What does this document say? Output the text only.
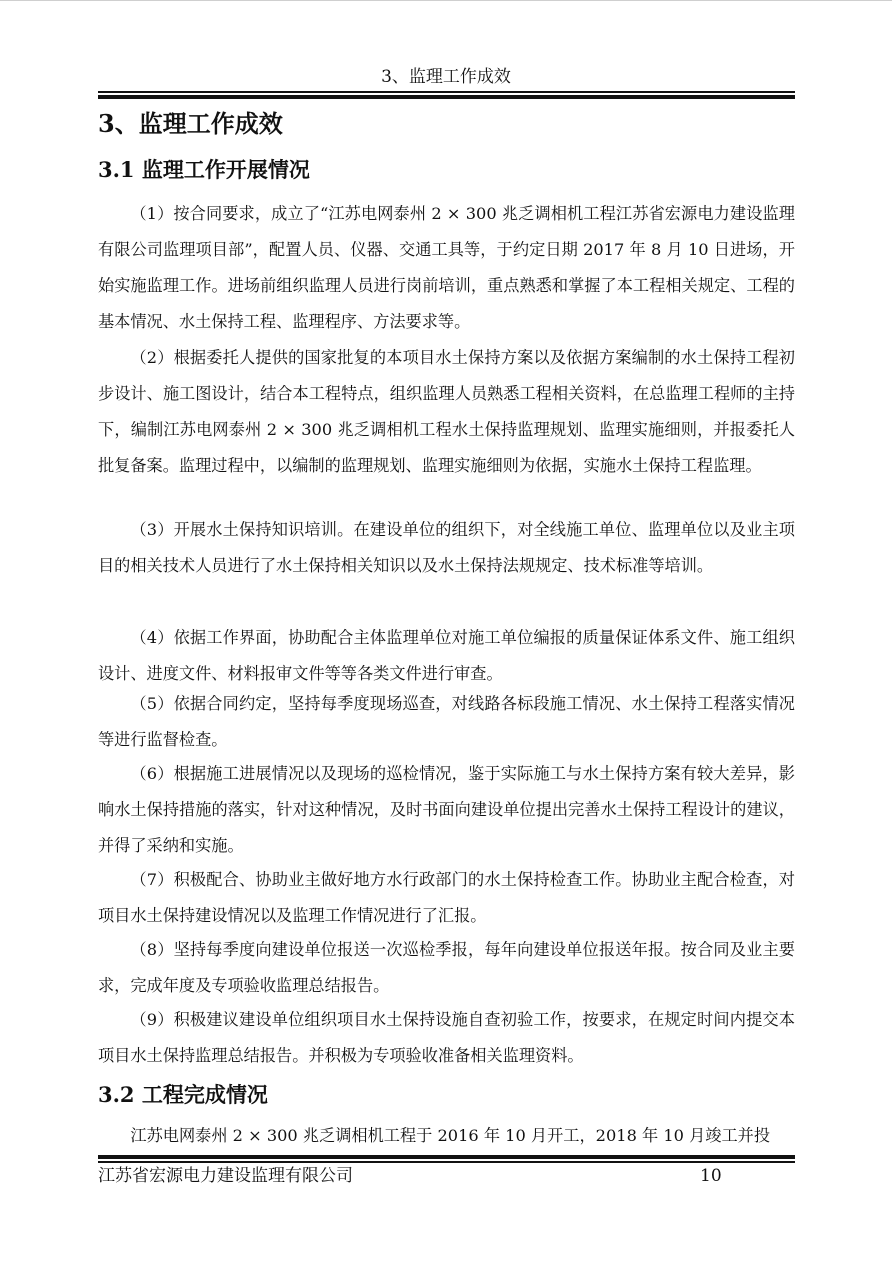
3、监理工作成效
3、监理工作成效
3.1 监理工作开展情况

（1）按合同要求，成立了“江苏电网泰州 2 × 300 兆乏调相机工程江苏省宏源电力建设监理有限公司监理项目部”，配置人员、仪器、交通工具等，于约定日期 2017 年 8 月 10 日进场，开始实施监理工作。进场前组织监理人员进行岗前培训，重点熟悉和掌握了本工程相关规定、工程的基本情况、水土保持工程、监理程序、方法要求等。

（2）根据委托人提供的国家批复的本项目水土保持方案以及依据方案编制的水土保持工程初步设计、施工图设计，结合本工程特点，组织监理人员熟悉工程相关资料，在总监理工程师的主持下，编制江苏电网泰州 2 × 300 兆乏调相机工程水土保持监理规划、监理实施细则，并报委托人批复备案。监理过程中，以编制的监理规划、监理实施细则为依据，实施水土保持工程监理。

（3）开展水土保持知识培训。在建设单位的组织下，对全线施工单位、监理单位以及业主项目的相关技术人员进行了水土保持相关知识以及水土保持法规规定、技术标准等培训。

（4）依据工作界面，协助配合主体监理单位对施工单位编报的质量保证体系文件、施工组织设计、进度文件、材料报审文件等等各类文件进行审查。

（5）依据合同约定，坚持每季度现场巡查，对线路各标段施工情况、水土保持工程落实情况等进行监督检查。

（6）根据施工进展情况以及现场的巡检情况，鉴于实际施工与水土保持方案有较大差异，影响水土保持措施的落实，针对这种情况，及时书面向建设单位提出完善水土保持工程设计的建议，并得了采纳和实施。

（7）积极配合、协助业主做好地方水行政部门的水土保持检查工作。协助业主配合检查，对项目水土保持建设情况以及监理工作情况进行了汇报。

（8）坚持每季度向建设单位报送一次巡检季报，每年向建设单位报送年报。按合同及业主要求，完成年度及专项验收监理总结报告。

（9）积极建议建设单位组织项目水土保持设施自查初验工作，按要求，在规定时间内提交本项目水土保持监理总结报告。并积极为专项验收准备相关监理资料。

3.2 工程完成情况

江苏电网泰州 2 × 300 兆乏调相机工程于 2016 年 10 月开工，2018 年 10 月竣工并投

江苏省宏源电力建设监理有限公司	10
